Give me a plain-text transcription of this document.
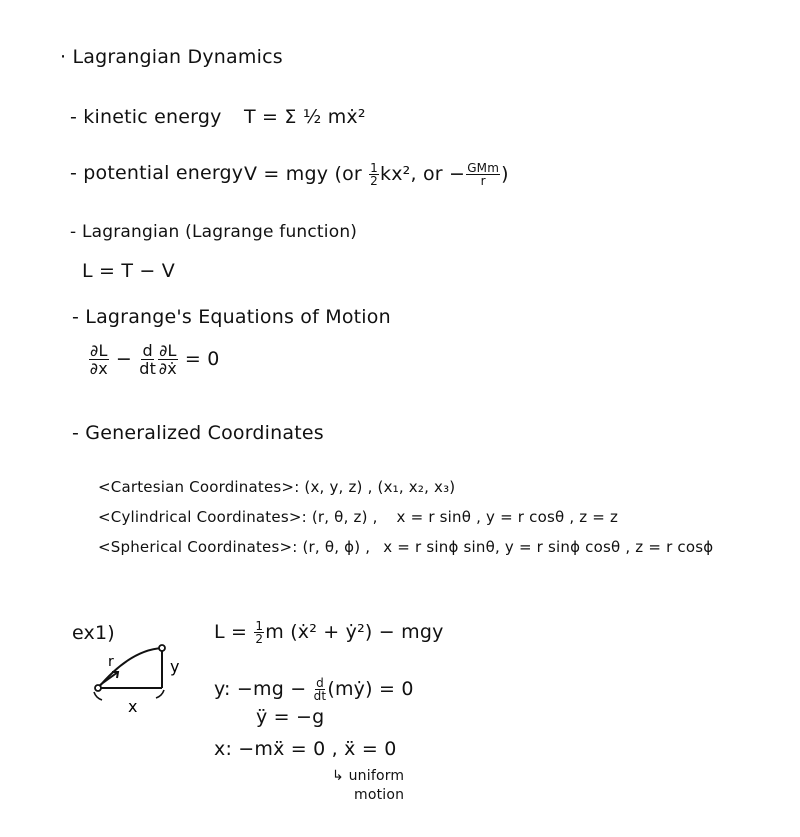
· Lagrangian Dynamics
- kinetic energy T = Σ ½ mẋ²
- potential energy V = mgy ($or \frac{1}{2} kx^2$, or − $\frac{\text{GMm}}{r}$ )
- Lagrangian (Lagrange function)
L = T − V
- Lagrange's Equations of Motion
$\frac{\partial L}{\partial x} - \frac{d}{dt} \frac{\partial L}{\text{∂ẋ}} = 0$
- Generalized Coordinates
<Cartesian Coordinates>: (x, y, z) , (x₁, x₂, x₃)
<Cylindrical Coordinates>: (r, θ, z) , x = r sinθ , y = r cosθ , z = z
<Spherical Coordinates>: (r, θ, ϕ) , x = r sinϕ sinθ, y = r sinϕ cosθ , z = r cosϕ
ex1)
r	y
x
$L = \frac{1}{2}$ m (ẋ² + ẏ²) − mgy
y: $-mg - \frac{d}{dt}$ (mẏ) = 0
ÿ = −g
x: −mẍ = 0 , ẍ = 0
↳ uniform
motion
